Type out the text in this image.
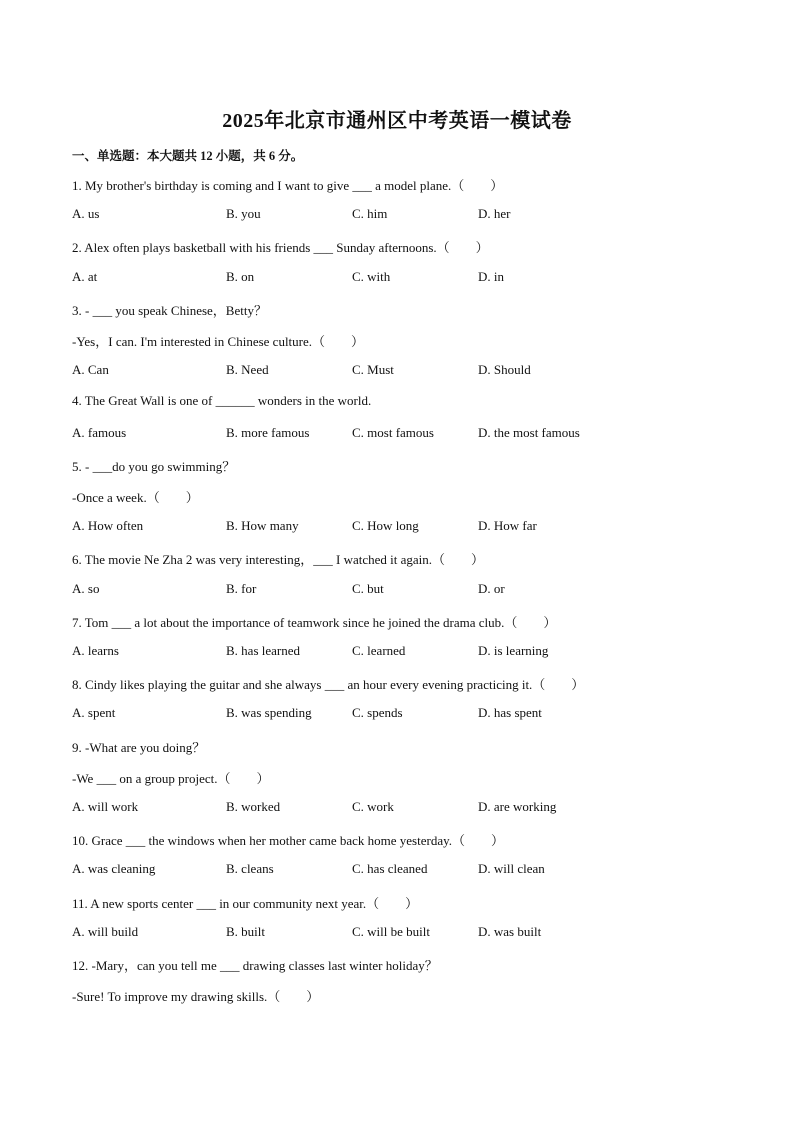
2025年北京市通州区中考英语一模试卷
一、单选题：本大题共 12 小题，共 6 分。
1. My brother's birthday is coming and I want to give ___ a model plane.（　　）
A. us	B. you	C. him	D. her
2. Alex often plays basketball with his friends ___ Sunday afternoons.（　　）
A. at	B. on	C. with	D. in
3. - ___ you speak Chinese，Betty？
-Yes，I can. I'm interested in Chinese culture.（　　）
A. Can	B. Need	C. Must	D. Should
4. The Great Wall is one of ______ wonders in the world.
A. famous	B. more famous	C. most famous	D. the most famous
5. - ___do you go swimming？
-Once a week.（　　）
A. How often	B. How many	C. How long	D. How far
6. The movie Ne Zha 2 was very interesting，___ I watched it again.（　　）
A. so	B. for	C. but	D. or
7. Tom ___ a lot about the importance of teamwork since he joined the drama club.（　　）
A. learns	B. has learned	C. learned	D. is learning
8. Cindy likes playing the guitar and she always ___ an hour every evening practicing it.（　　）
A. spent	B. was spending	C. spends	D. has spent
9. -What are you doing？
-We ___ on a group project.（　　）
A. will work	B. worked	C. work	D. are working
10. Grace ___ the windows when her mother came back home yesterday.（　　）
A. was cleaning	B. cleans	C. has cleaned	D. will clean
11. A new sports center ___ in our community next year.（　　）
A. will build	B. built	C. will be built	D. was built
12. -Mary，can you tell me ___ drawing classes last winter holiday？
-Sure! To improve my drawing skills.（　　）
